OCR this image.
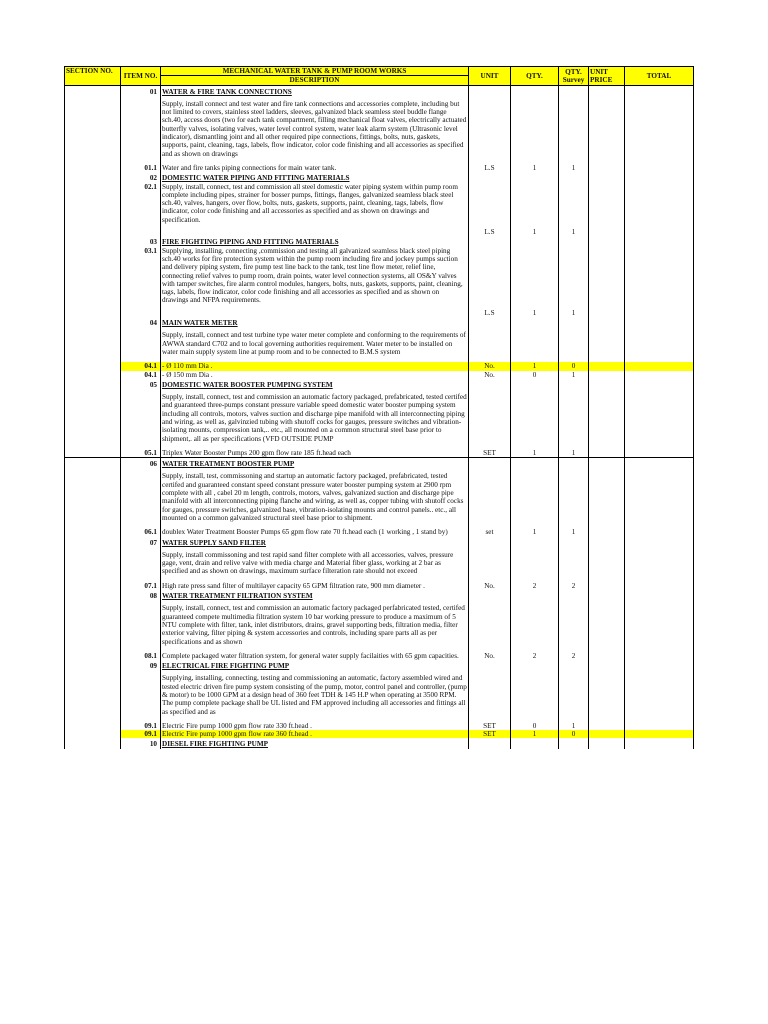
SECTION NO.	ITEM NO.	MECHANICAL WATER TANK & PUMP ROOM WORKS	UNIT	QTY.	QTY. Survey	UNIT PRICE	TOTAL
		DESCRIPTION					
	01	WATER & FIRE TANK CONNECTIONS					
		Supply, install connect and test water and fire tank connections and accessories complete, including but not limited to covers, stainless steel ladders, sleeves, galvanized black seamless steel buddle flange sch.40, access doors (two for each tank compartment, filling mechanical float valves, electrically actuated butterfly valves, isolating valves, water level control system, water leak alarm system (Ultrasonic level indicator), dismantling joint and all other required pipe connections, fittings, bolts, nuts, gaskets, supports, paint, cleaning, tags, labels, flow indicator, color code finishing and all accessories as specified and as shown on drawings					
	01.1	Water and fire tanks piping connections for main water tank.	L.S	1	1		
	02	DOMESTIC WATER PIPING AND FITTING MATERIALS					
	02.1	Supply, install, connect, test and commission all steel domestic water piping system within pump room complete including pipes, strainer for bosser pumps, fittings, flanges, galvanized seamless black steel sch.40, valves, hangers, over flow, bolts, nuts, gaskets, supports, paint, cleaning, tags, labels, flow indicator, color code finishing and all accessories as specified and as shown on drawings and specification.					
			L.S	1	1		
	03	FIRE FIGHTING PIPING AND FITTING MATERIALS					
	03.1	Supplying, installing, connecting ,commission and testing all galvanized seamless black steel piping sch.40 works for fire protection system within the pump room including fire and jockey pumps suction and delivery piping system, fire pump test line back to the tank, test line flow meter, relief line, connecting relief valves to pump room, drain points, water level connection systems, all OS&Y valves with tamper switches, fire alarm control modules, hangers, bolts, nuts, gaskets, supports, paint, cleaning, tags, labels, flow indicator, color code finishing and all accessories as specified and as shown on drawings and NFPA requirements.					
			L.S	1	1		
	04	MAIN WATER METER					
		Supply, install, connect and test turbine type water meter complete and conforming to the requirements of AWWA standard C702 and to local governing authorities requirement. Water meter to be installed on water main supply system line at pump room and to be connected to B.M.S system					
	04.1	- Ø 110 mm Dia .	No.	1	0		
	04.1	- Ø 150 mm Dia .	No.	0	1		
	05	DOMESTIC WATER BOOSTER PUMPING SYSTEM					
		Supply, install, connect, test and commission an automatic factory packaged, prefabricated, tested certifed and guaranteed three-pumps constant pressure variable speed domestic water booster pumping system including all controls, motors, valves suction and discharge pipe manifold with all interconnecting piping and wiring, as well as, galvinzied tubing with shutoff cocks for gauges, pressure switches and vibration-isolating mounts, compression tank,.. etc., all mounted on a common structural steel base prior to shipment,. all as per specifications (VFD OUTSIDE PUMP					
	05.1	Triplex Water Booster Pumps 200 gpm flow rate 185 ft.head each	SET	1	1		
	06	WATER TREATMENT BOOSTER PUMP					
		Supply, install, test, commissoning and startup an automatic factory packaged, prefabricated, tested certifed and guaranteed constant speed constant pressure water booster pumping system at 2900 rpm complete with all , cabel 20 m length, controls, motors, valves, galvanized suction and discharge pipe manifold with all interconnecting piping flanche and wiring, as well as, copper tubing with shutoff cocks for gauges, pressure switches, galvanized base, vibration-isolating mounts and control panels.. etc., all mounted on a common galvanized structural steel base prior to shipment.					
	06.1	doublex Water Treatment Booster Pumps 65 gpm flow rate 70 ft.head each (1 working , 1 stand by)	set	1	1		
	07	WATER SUPPLY SAND FILTER					
		Supply, install commissoning and test rapid sand filter complete with all accessories, valves, pressure gage, vent, drain and relive valve with media charge and Material fiber glass, working at 2 bar as specified and as shown on drawings, maximum surface filteration rate should not exceed					
	07.1	High rate press sand filter of multilayer capacity 65 GPM filtration rate, 900 mm diameter .	No.	2	2		
	08	WATER TREATMENT FILTRATION SYSTEM					
		Supply, install, connect, test and commission an automatic factory packaged perfabricated tested, certifed guaranteed compete multimedia filtration system 10 bar working pressure to produce a maximum of 5 NTU complete with filter, tank, inlet distributors, drains, gravel supporting beds, filtration media, filter exterior valving, filter piping & system accessories and controls, including spare parts all as per specifications and as shown					
	08.1	Complete packaged water filtration system, for general water supply facilaities with 65 gpm capacities.	No.	2	2		
	09	ELECTRICAL FIRE FIGHTING PUMP					
		Supplying, installing, connecting, testing and commissioning an automatic, factory assembled wired and tested electric driven fire pump system consisting of the pump, motor, control panel and controller, (pump & motor) to be 1000 GPM at a design head of 360 feet TDH & 145 H.P when operating at 3500 RPM. The pump complete package shall be UL listed and FM approved including all accessories and fittings all as specified and as					
	09.1	Electric Fire pump 1000 gpm flow rate 330 ft.head .	SET	0	1		
	09.1	Electric Fire pump 1000 gpm flow rate 360 ft.head .	SET	1	0		
	10	DIESEL FIRE FIGHTING PUMP					
